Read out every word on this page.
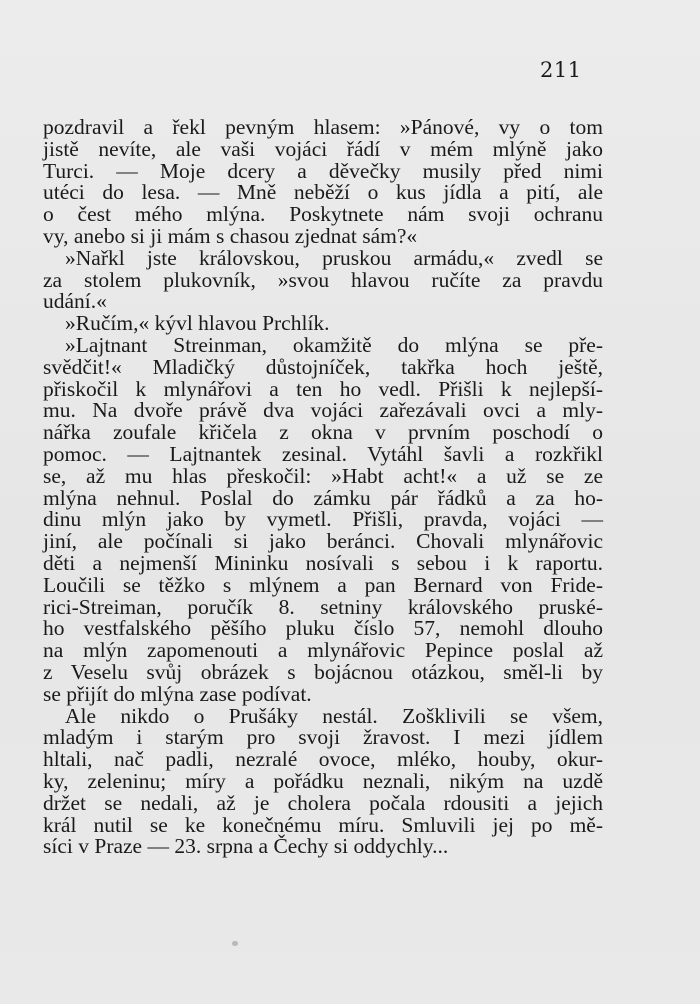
211
pozdravil a řekl pevným hlasem: »Pánové, vy o tom
jistě nevíte, ale vaši vojáci řádí v mém mlýně jako
Turci. — Moje dcery a děvečky musily před nimi
utéci do lesa. — Mně neběží o kus jídla a pití, ale
o čest mého mlýna. Poskytnete nám svoji ochranu
vy, anebo si ji mám s chasou zjednat sám?«
»Nařkl jste královskou, pruskou armádu,« zvedl se
za stolem plukovník, »svou hlavou ručíte za pravdu
udání.«
»Ručím,« kývl hlavou Prchlík.
»Lajtnant Streinman, okamžitě do mlýna se pře-
svědčit!« Mladičký důstojníček, takřka hoch ještě,
přiskočil k mlynářovi a ten ho vedl. Přišli k nejlepší-
mu. Na dvoře právě dva vojáci zařezávali ovci a mly-
nářka zoufale křičela z okna v prvním poschodí o
pomoc. — Lajtnantek zesinal. Vytáhl šavli a rozkřikl
se, až mu hlas přeskočil: »Habt acht!« a už se ze
mlýna nehnul. Poslal do zámku pár řádků a za ho-
dinu mlýn jako by vymetl. Přišli, pravda, vojáci —
jiní, ale počínali si jako beránci. Chovali mlynářovic
děti a nejmenší Mininku nosívali s sebou i k raportu.
Loučili se těžko s mlýnem a pan Bernard von Fride-
rici-Streiman, poručík 8. setniny královského pruské-
ho vestfalského pěšího pluku číslo 57, nemohl dlouho
na mlýn zapomenouti a mlynářovic Pepince poslal až
z Veselu svůj obrázek s bojácnou otázkou, směl-li by
se přijít do mlýna zase podívat.
Ale nikdo o Prušáky nestál. Zošklivili se všem,
mladým i starým pro svoji žravost. I mezi jídlem
hltali, nač padli, nezralé ovoce, mléko, houby, okur-
ky, zeleninu; míry a pořádku neznali, nikým na uzdě
držet se nedali, až je cholera počala rdousiti a jejich
král nutil se ke konečnému míru. Smluvili jej po mě-
síci v Praze — 23. srpna a Čechy si oddychly...
